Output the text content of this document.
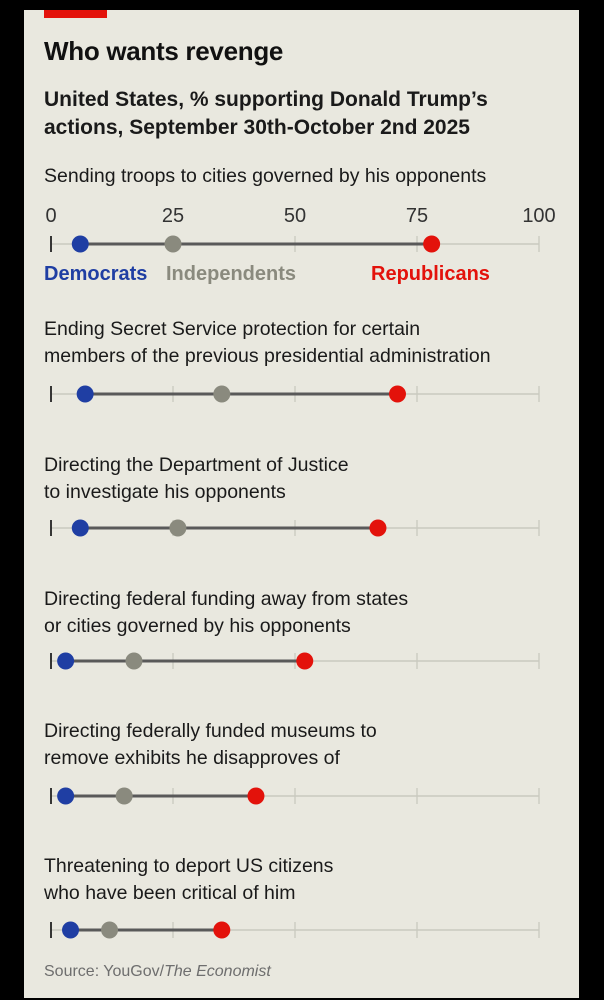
Who wants revenge
United States, % supporting Donald Trump’s actions, September 30th-October 2nd 2025
0	25	50	75	100
Sending troops to cities governed by his opponents
Ending Secret Service protection for certain
members of the previous presidential administration
Directing the Department of Justice
to investigate his opponents
Directing federal funding away from states
or cities governed by his opponents
Directing federally funded museums to
remove exhibits he disapproves of
Threatening to deport US citizens
who have been critical of him
Democrats Independents	Republicans
Source: YouGov/The Economist
